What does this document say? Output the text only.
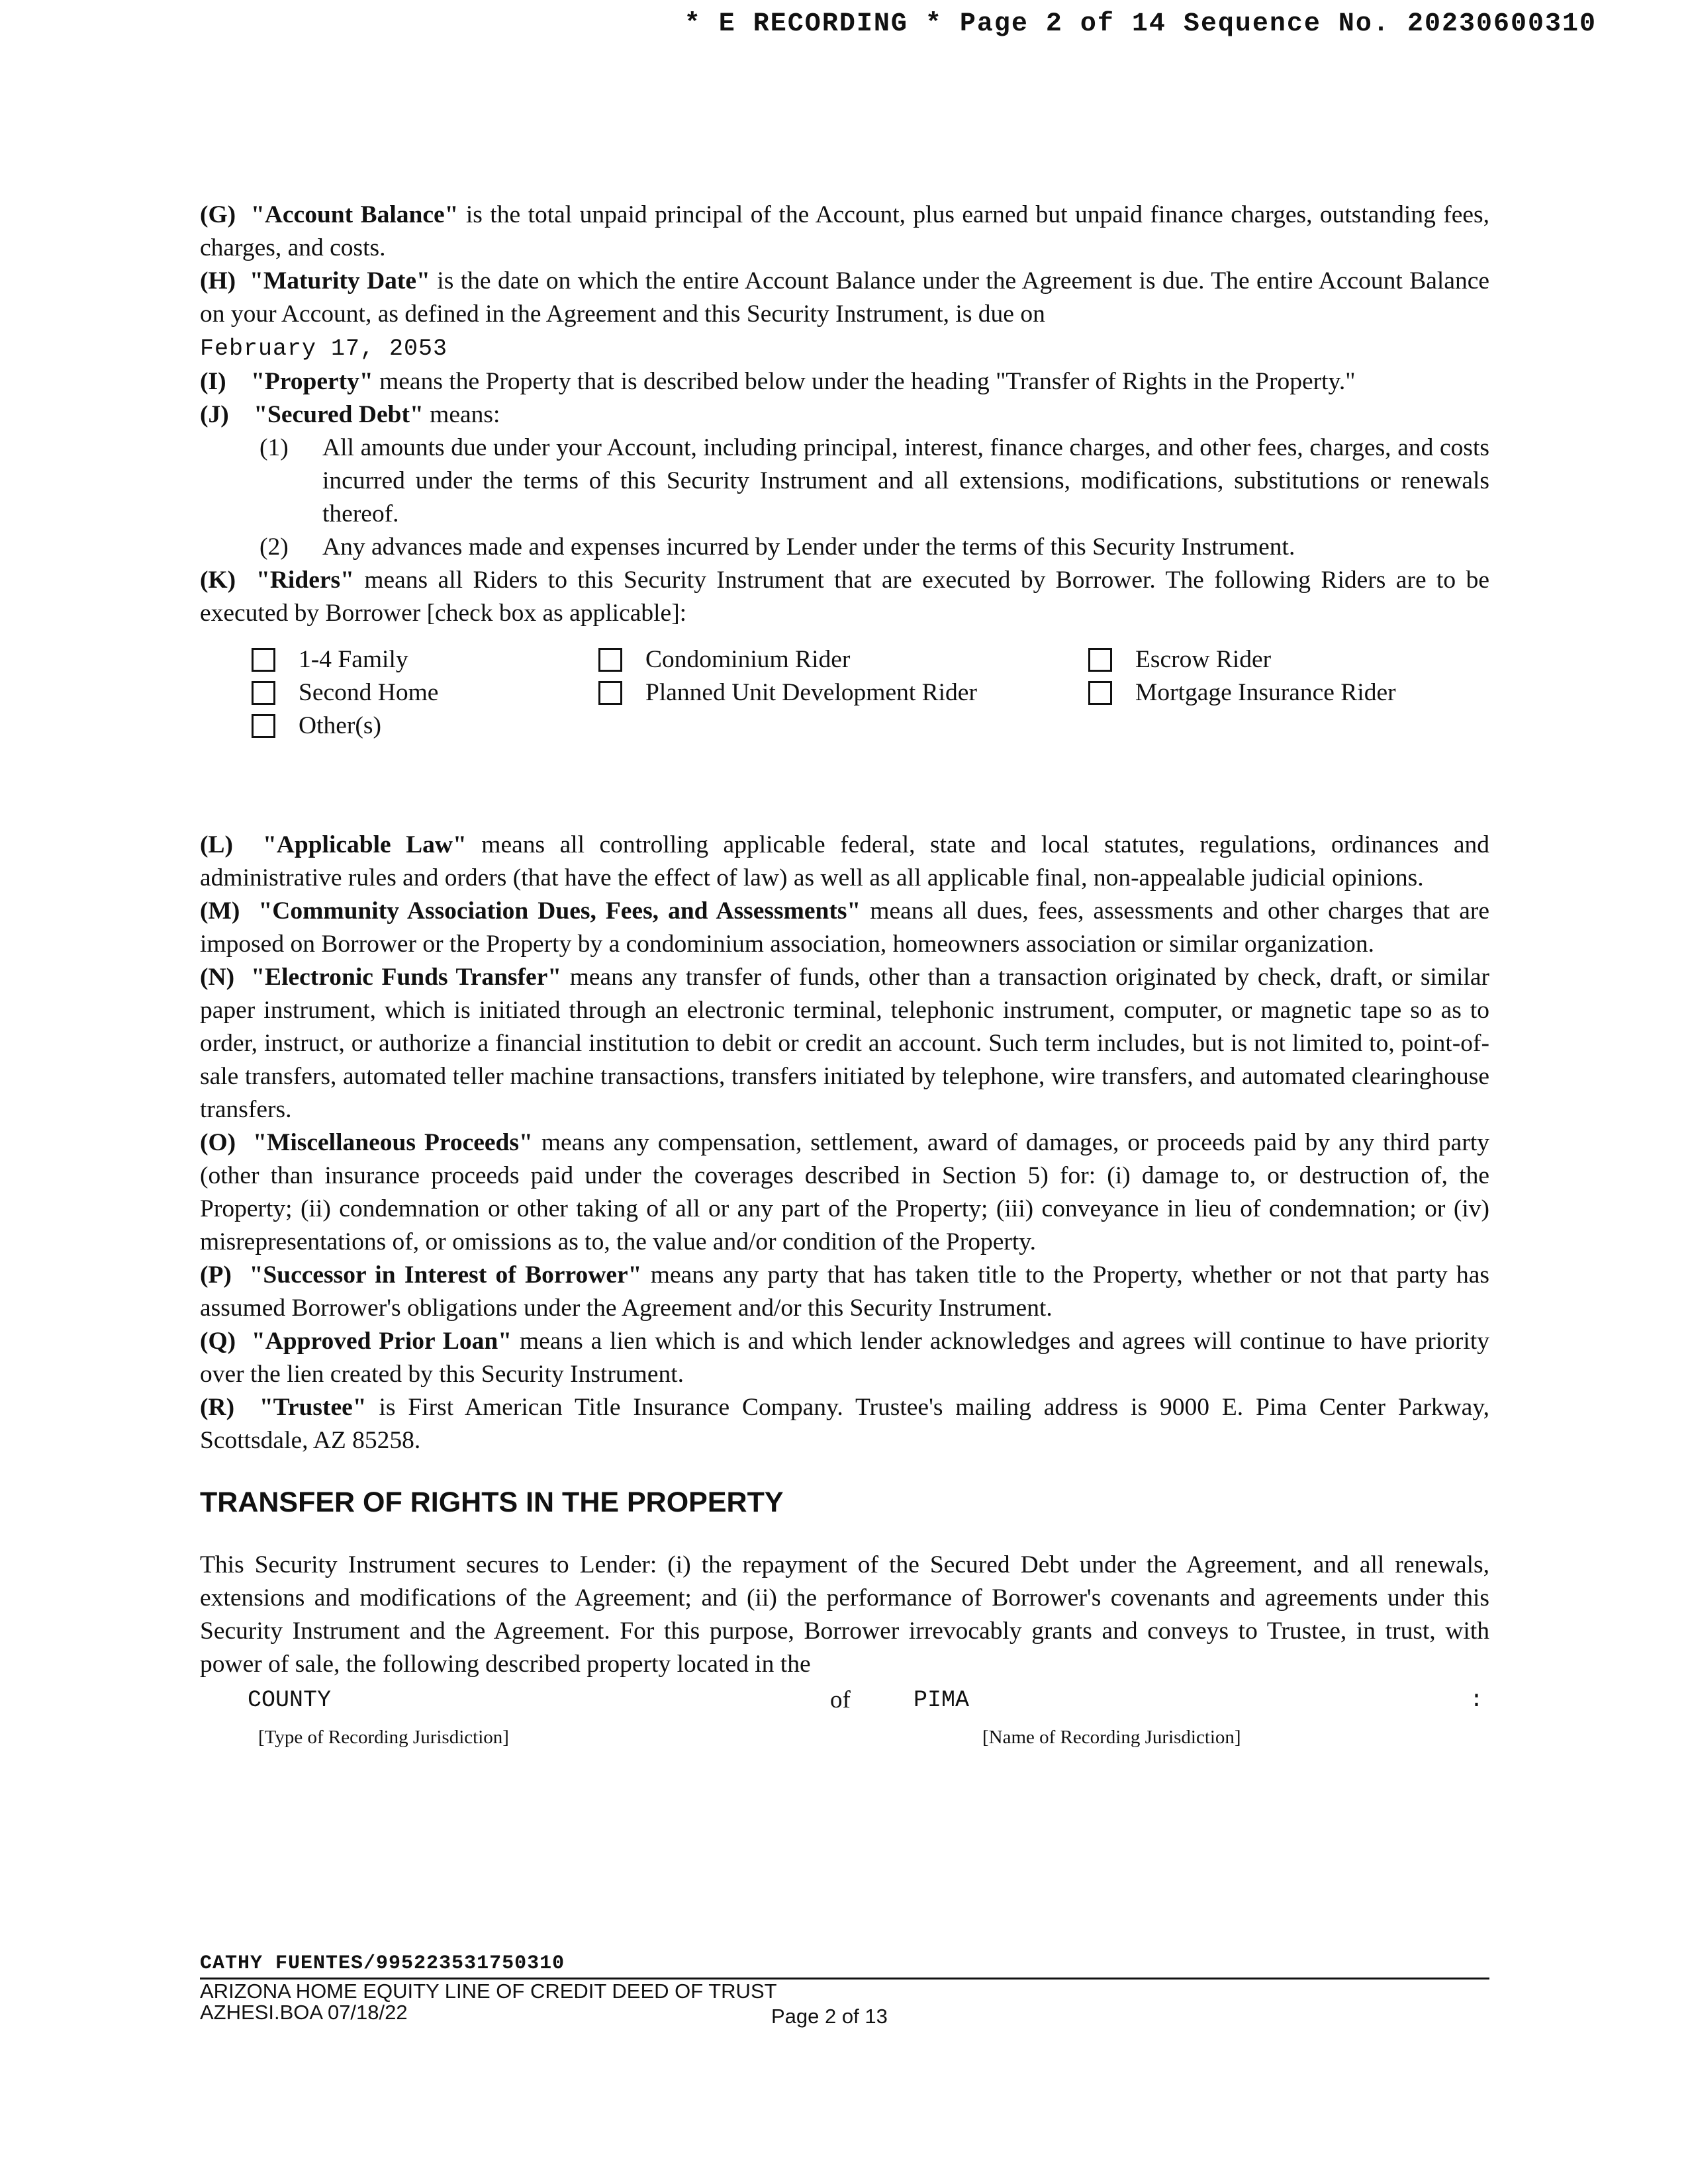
* E RECORDING * Page 2 of 14 Sequence No. 20230600310

(G) "Account Balance" is the total unpaid principal of the Account, plus earned but unpaid finance charges, outstanding fees, charges, and costs.

(H) "Maturity Date" is the date on which the entire Account Balance under the Agreement is due. The entire Account Balance on your Account, as defined in the Agreement and this Security Instrument, is due on
February 17, 2053

(I) "Property" means the Property that is described below under the heading "Transfer of Rights in the Property."

(J) "Secured Debt" means:

(1) All amounts due under your Account, including principal, interest, finance charges, and other fees, charges, and costs incurred under the terms of this Security Instrument and all extensions, modifications, substitutions or renewals thereof.

(2) Any advances made and expenses incurred by Lender under the terms of this Security Instrument.

(K) "Riders" means all Riders to this Security Instrument that are executed by Borrower. The following Riders are to be executed by Borrower [check box as applicable]:

1-4 Family	Condominium Rider	Escrow Rider
Second Home	Planned Unit Development Rider	Mortgage Insurance Rider
Other(s)

(L) "Applicable Law" means all controlling applicable federal, state and local statutes, regulations, ordinances and administrative rules and orders (that have the effect of law) as well as all applicable final, non-appealable judicial opinions.

(M) "Community Association Dues, Fees, and Assessments" means all dues, fees, assessments and other charges that are imposed on Borrower or the Property by a condominium association, homeowners association or similar organization.

(N) "Electronic Funds Transfer" means any transfer of funds, other than a transaction originated by check, draft, or similar paper instrument, which is initiated through an electronic terminal, telephonic instrument, computer, or magnetic tape so as to order, instruct, or authorize a financial institution to debit or credit an account. Such term includes, but is not limited to, point-of-sale transfers, automated teller machine transactions, transfers initiated by telephone, wire transfers, and automated clearinghouse transfers.

(O) "Miscellaneous Proceeds" means any compensation, settlement, award of damages, or proceeds paid by any third party (other than insurance proceeds paid under the coverages described in Section 5) for: (i) damage to, or destruction of, the Property; (ii) condemnation or other taking of all or any part of the Property; (iii) conveyance in lieu of condemnation; or (iv) misrepresentations of, or omissions as to, the value and/or condition of the Property.

(P) "Successor in Interest of Borrower" means any party that has taken title to the Property, whether or not that party has assumed Borrower's obligations under the Agreement and/or this Security Instrument.

(Q) "Approved Prior Loan" means a lien which is and which lender acknowledges and agrees will continue to have priority over the lien created by this Security Instrument.

(R) "Trustee" is First American Title Insurance Company. Trustee's mailing address is 9000 E. Pima Center Parkway, Scottsdale, AZ 85258.

TRANSFER OF RIGHTS IN THE PROPERTY

This Security Instrument secures to Lender: (i) the repayment of the Secured Debt under the Agreement, and all renewals, extensions and modifications of the Agreement; and (ii) the performance of Borrower's covenants and agreements under this Security Instrument and the Agreement. For this purpose, Borrower irrevocably grants and conveys to Trustee, in trust, with power of sale, the following described property located in the

COUNTY	of	PIMA	:
[Type of Recording Jurisdiction]	[Name of Recording Jurisdiction]
CATHY FUENTES/995223531750310
ARIZONA HOME EQUITY LINE OF CREDIT DEED OF TRUST
AZHESI.BOA 07/18/22	Page 2 of 13
